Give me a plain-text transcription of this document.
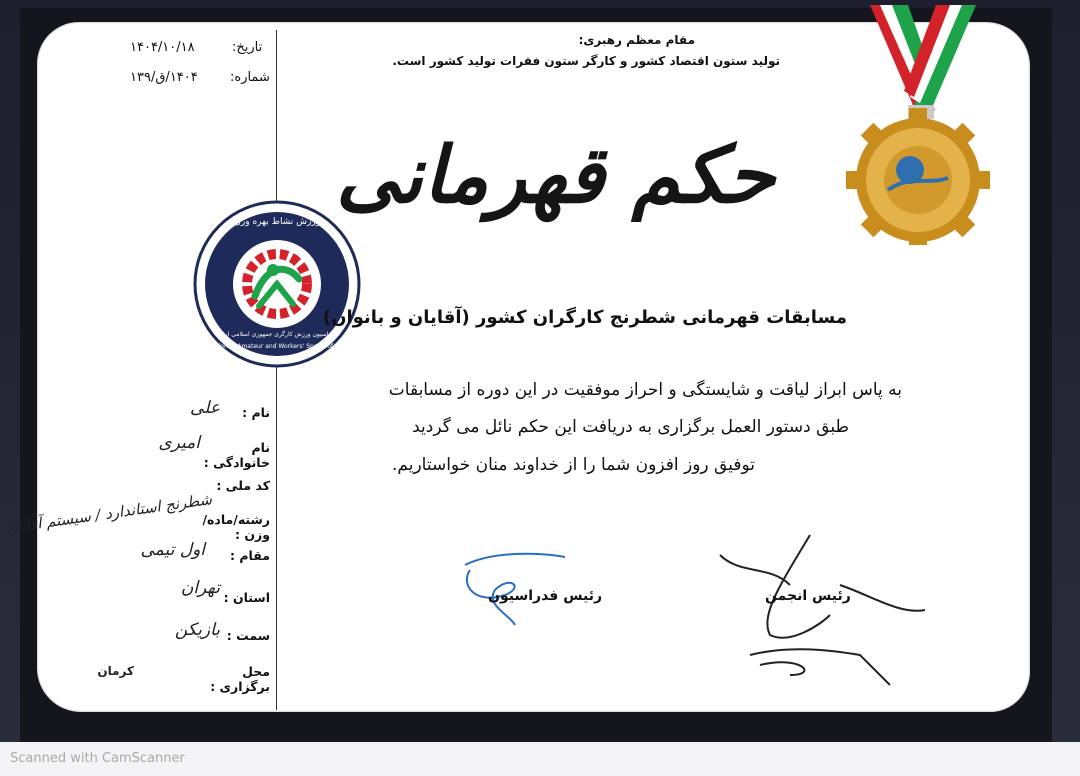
مقام معظم رهبری:
تولید ستون اقتصاد کشور و کارگر ستون فقرات تولید کشور است.
تاریخ:
۱۴۰۴/۱۰/۱۸
شماره:
۱۴۰۴/ق/۱۳۹
حکم قهرمانی
ورزش نشاط بهره وری
Federation of Amateur and Workers' Sports of I.R. Iran
فدراسیون ورزش کارگری جمهوری اسلامی ایران
مسابقات قهرمانی شطرنج کارگران کشور (آقایان و بانوان)
به پاس ابراز لیاقت و شایستگی و احراز موفقیت در این دوره از مسابقات
طبق دستور العمل برگزاری به دریافت این حکم نائل می گردید
توفیق روز افزون شما را از خداوند منان خواستاریم.
رئیس فدراسیون	رئیس انجمن
نام :
علی
نام خانوادگی :
امیری
کد ملی :
رشته/ماده/وزن :
شطرنج استاندارد / سیستم آقایان
مقام :
اول تیمی
استان :
تهران
سمت :
بازیکن
محل برگزاری :
کرمان
Scanned with CamScanner
